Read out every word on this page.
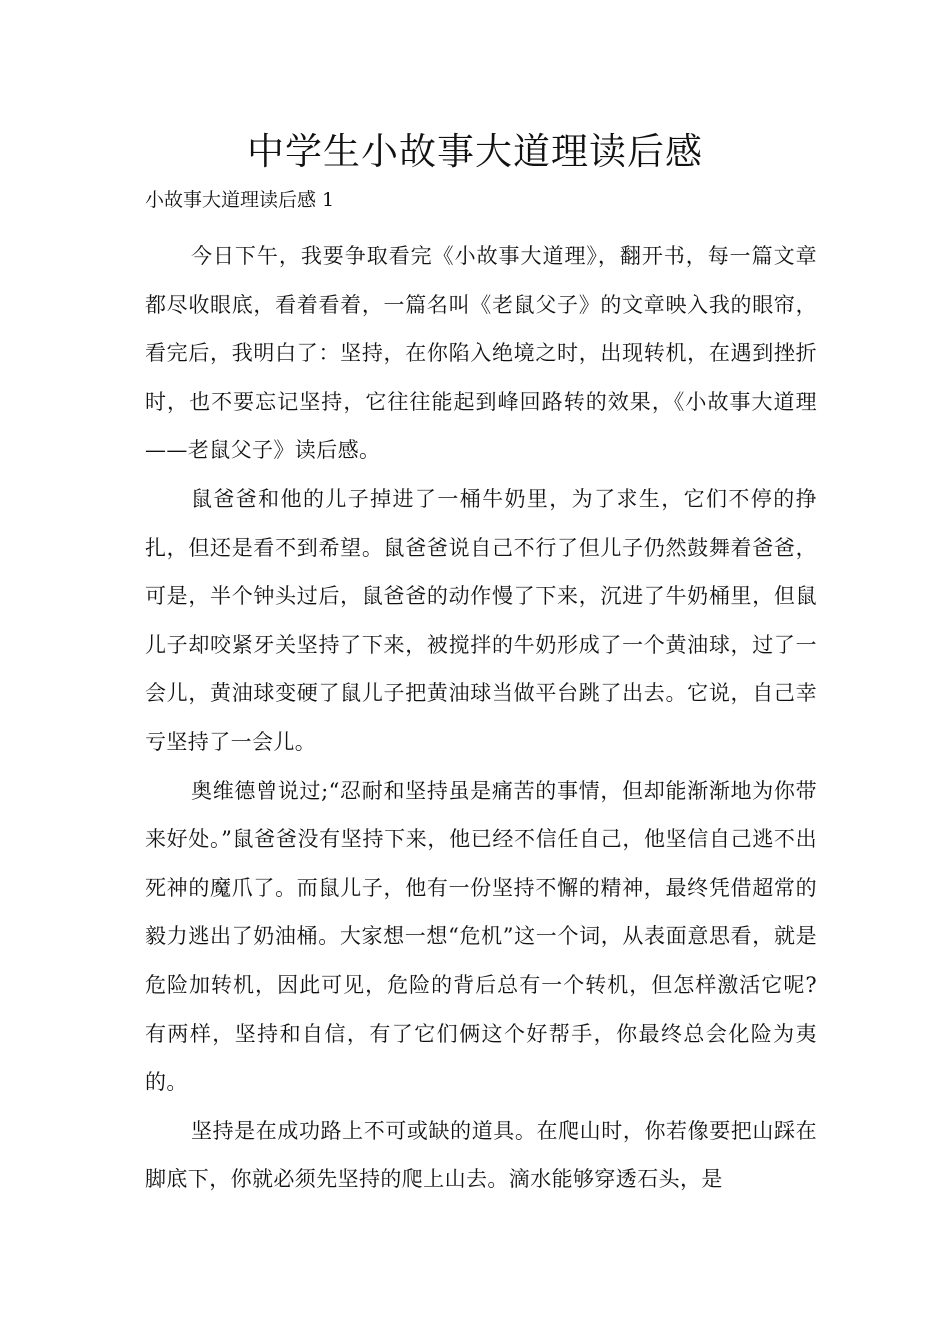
中学生小故事大道理读后感
小故事大道理读后感 1

今日下午，我要争取看完《小故事大道理》，翻开书，每一篇文章都尽收眼底，看着看着，一篇名叫《老鼠父子》的文章映入我的眼帘，看完后，我明白了：坚持，在你陷入绝境之时，出现转机，在遇到挫折时，也不要忘记坚持，它往往能起到峰回路转的效果，《小故事大道理——老鼠父子》读后感。

鼠爸爸和他的儿子掉进了一桶牛奶里，为了求生，它们不停的挣扎，但还是看不到希望。鼠爸爸说自己不行了但儿子仍然鼓舞着爸爸，可是，半个钟头过后，鼠爸爸的动作慢了下来，沉进了牛奶桶里，但鼠儿子却咬紧牙关坚持了下来，被搅拌的牛奶形成了一个黄油球，过了一会儿，黄油球变硬了鼠儿子把黄油球当做平台跳了出去。它说，自己幸亏坚持了一会儿。

奥维德曾说过;“忍耐和坚持虽是痛苦的事情，但却能渐渐地为你带来好处。”鼠爸爸没有坚持下来，他已经不信任自己，他坚信自己逃不出死神的魔爪了。而鼠儿子，他有一份坚持不懈的精神，最终凭借超常的毅力逃出了奶油桶。大家想一想“危机”这一个词，从表面意思看，就是危险加转机，因此可见，危险的背后总有一个转机，但怎样激活它呢?有两样，坚持和自信，有了它们俩这个好帮手，你最终总会化险为夷的。

坚持是在成功路上不可或缺的道具。在爬山时，你若像要把山踩在脚底下，你就必须先坚持的爬上山去。滴水能够穿透石头，是
